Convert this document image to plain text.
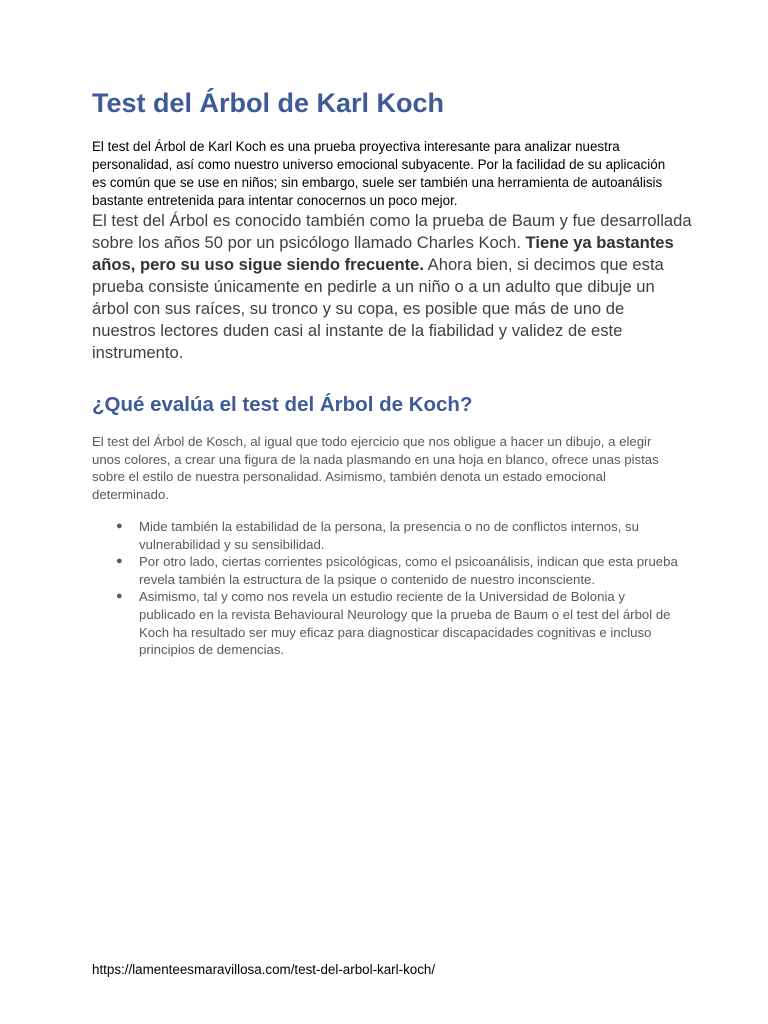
Test del Árbol de Karl Koch

El test del Árbol de Karl Koch es una prueba proyectiva interesante para analizar nuestra personalidad, así como nuestro universo emocional subyacente. Por la facilidad de su aplicación es común que se use en niños; sin embargo, suele ser también una herramienta de autoanálisis bastante entretenida para intentar conocernos un poco mejor.

El test del Árbol es conocido también como la prueba de Baum y fue desarrollada sobre los años 50 por un psicólogo llamado Charles Koch. Tiene ya bastantes años, pero su uso sigue siendo frecuente. Ahora bien, si decimos que esta prueba consiste únicamente en pedirle a un niño o a un adulto que dibuje un árbol con sus raíces, su tronco y su copa, es posible que más de uno de nuestros lectores duden casi al instante de la fiabilidad y validez de este instrumento.

¿Qué evalúa el test del Árbol de Koch?

El test del Árbol de Kosch, al igual que todo ejercicio que nos obligue a hacer un dibujo, a elegir unos colores, a crear una figura de la nada plasmando en una hoja en blanco, ofrece unas pistas sobre el estilo de nuestra personalidad. Asimismo, también denota un estado emocional determinado.

● Mide también la estabilidad de la persona, la presencia o no de conflictos internos, su vulnerabilidad y su sensibilidad.
● Por otro lado, ciertas corrientes psicológicas, como el psicoanálisis, indican que esta prueba revela también la estructura de la psique o contenido de nuestro inconsciente.
● Asimismo, tal y como nos revela un estudio reciente de la Universidad de Bolonia y publicado en la revista Behavioural Neurology que la prueba de Baum o el test del árbol de Koch ha resultado ser muy eficaz para diagnosticar discapacidades cognitivas e incluso principios de demencias.

https://lamenteesmaravillosa.com/test-del-arbol-karl-koch/
